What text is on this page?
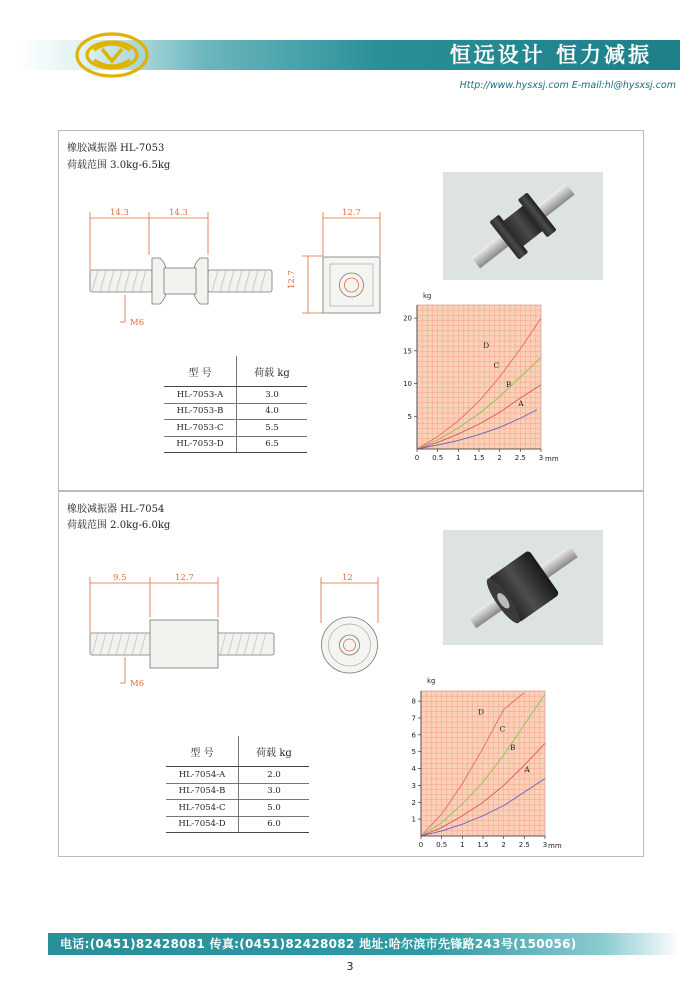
恒远设计 恒力减振
Http://www.hysxsj.com E-mail:hl@hysxsj.com
橡胶减振器 HL-7053
荷载范围 3.0kg-6.5kg
14.3	14.3	12.7
12.7
M6
0 0.5 1 1.5 2 2.5 3
5
10
15
20
A
B
C
D
kg
mm
型 号	荷载 kg
HL-7053-A	3.0
HL-7053-B	4.0
HL-7053-C	5.5
HL-7053-D	6.5
橡胶减振器 HL-7054
荷载范围 2.0kg-6.0kg
9.5	12.7	12
M6
0 0.5 1 1.5 2 2.5 3
1
2
3
4
5
6
7
8
A
B
C
D
kg
mm
型 号	荷载 kg
HL-7054-A	2.0
HL-7054-B	3.0
HL-7054-C	5.0
HL-7054-D	6.0
电话:(0451)82428081 传真:(0451)82428082 地址:哈尔滨市先锋路243号(150056)
3
